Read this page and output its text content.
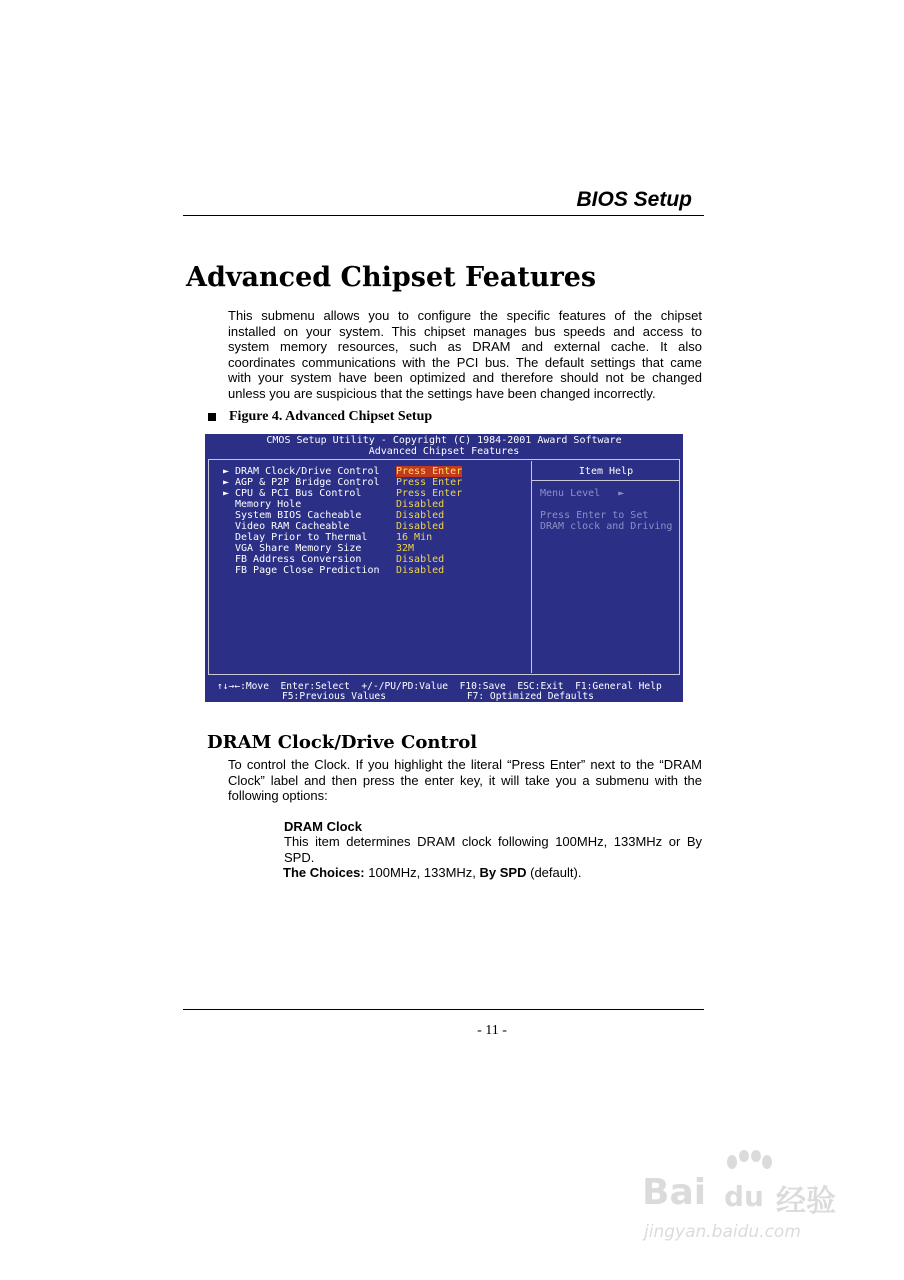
BIOS Setup
Advanced Chipset Features
This submenu allows you to configure the specific features of the chipset
installed on your system. This chipset manages bus speeds and access to
system memory resources, such as DRAM and external cache. It also
coordinates communications with the PCI bus. The default settings that came
with your system have been optimized and therefore should not be changed
unless you are suspicious that the settings have been changed incorrectly.
Figure 4. Advanced Chipset Setup
CMOS Setup Utility - Copyright (C) 1984-2001 Award Software
Advanced Chipset Features
► DRAM Clock/Drive Control Press Enter
► AGP & P2P Bridge Control Press Enter
► CPU & PCI Bus Control	Press Enter
Memory Hole	Disabled
System BIOS Cacheable	Disabled
Video RAM Cacheable	Disabled
Delay Prior to Thermal	16 Min
VGA Share Memory Size	32M
FB Address Conversion	Disabled
FB Page Close Prediction Disabled
Item Help
Menu Level   ►
Press Enter to Set
DRAM clock and Driving
↑↓→←:Move  Enter:Select  +/-/PU/PD:Value  F10:Save  ESC:Exit  F1:General Help
F5:Previous Values              F7: Optimized Defaults
DRAM Clock/Drive Control
To control the Clock. If you highlight the literal “Press Enter” next to the “DRAM
Clock” label and then press the enter key, it will take you a submenu with the
following options:
DRAM Clock
This item determines DRAM clock following 100MHz, 133MHz or By
SPD.
The Choices: 100MHz, 133MHz, By SPD (default).
- 11 -
Bai du 经验
jingyan.baidu.com
